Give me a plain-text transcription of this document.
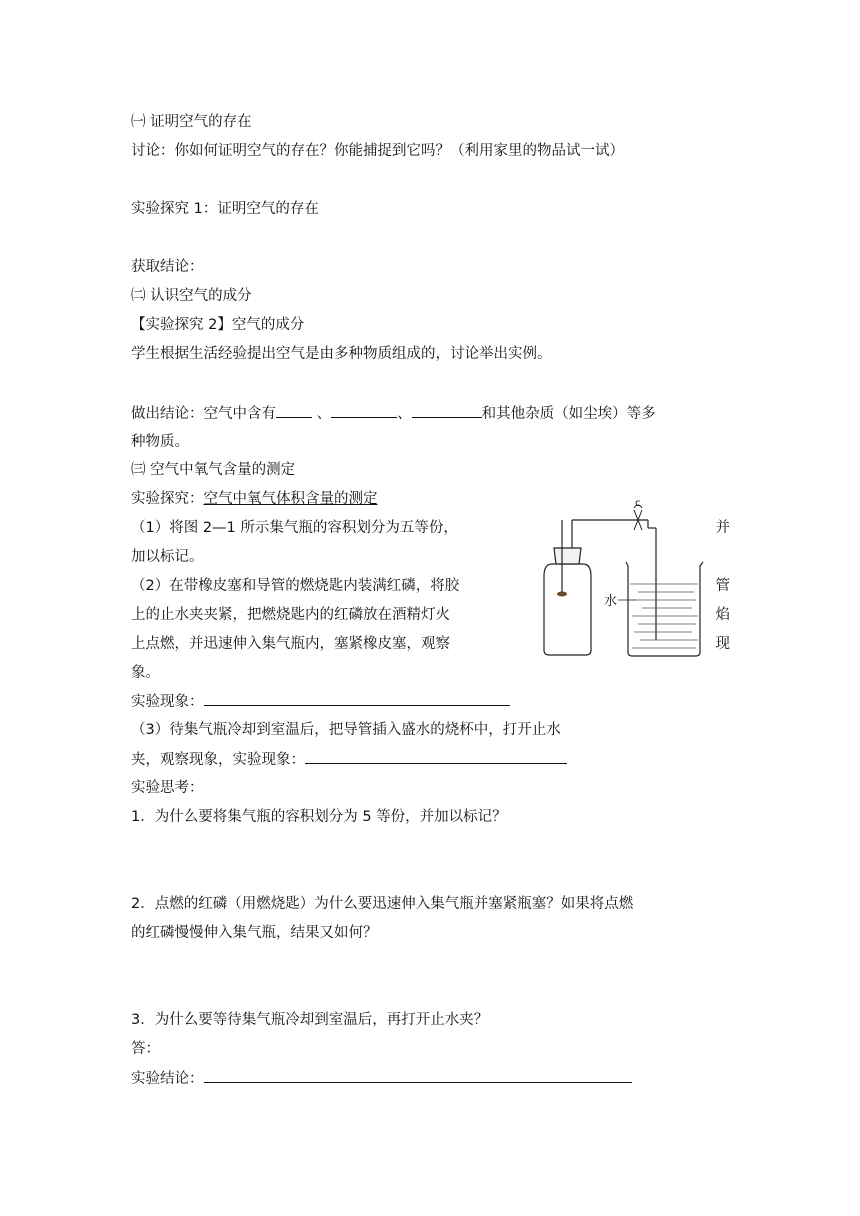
㈠ 证明空气的存在
讨论：你如何证明空气的存在？你能捕捉到它吗？（利用家里的物品试一试）
实验探究 1：证明空气的存在
获取结论：
㈡ 认识空气的成分
【实验探究 2】空气的成分
学生根据生活经验提出空气是由多种物质组成的，讨论举出实例。
做出结论：空气中含有 、	、	和其他杂质（如尘埃）等多
种物质。
㈢ 空气中氧气含量的测定
实验探究：空气中氧气体积含量的测定
（1）将图 2—1 所示集气瓶的容积划分为五等份，	并
加以标记。
（2）在带橡皮塞和导管的燃烧匙内装满红磷，将胶	管
上的止水夹夹紧，把燃烧匙内的红磷放在酒精灯火	焰
上点燃，并迅速伸入集气瓶内，塞紧橡皮塞，观察	现
象。
实验现象：
（3）待集气瓶冷却到室温后，把导管插入盛水的烧杯中，打开止水
夹，观察现象，实验现象：
水
c
实验思考：
1．为什么要将集气瓶的容积划分为 5 等份，并加以标记？
2．点燃的红磷（用燃烧匙）为什么要迅速伸入集气瓶并塞紧瓶塞？如果将点燃
的红磷慢慢伸入集气瓶，结果又如何？
3．为什么要等待集气瓶冷却到室温后，再打开止水夹？
答：
实验结论：
